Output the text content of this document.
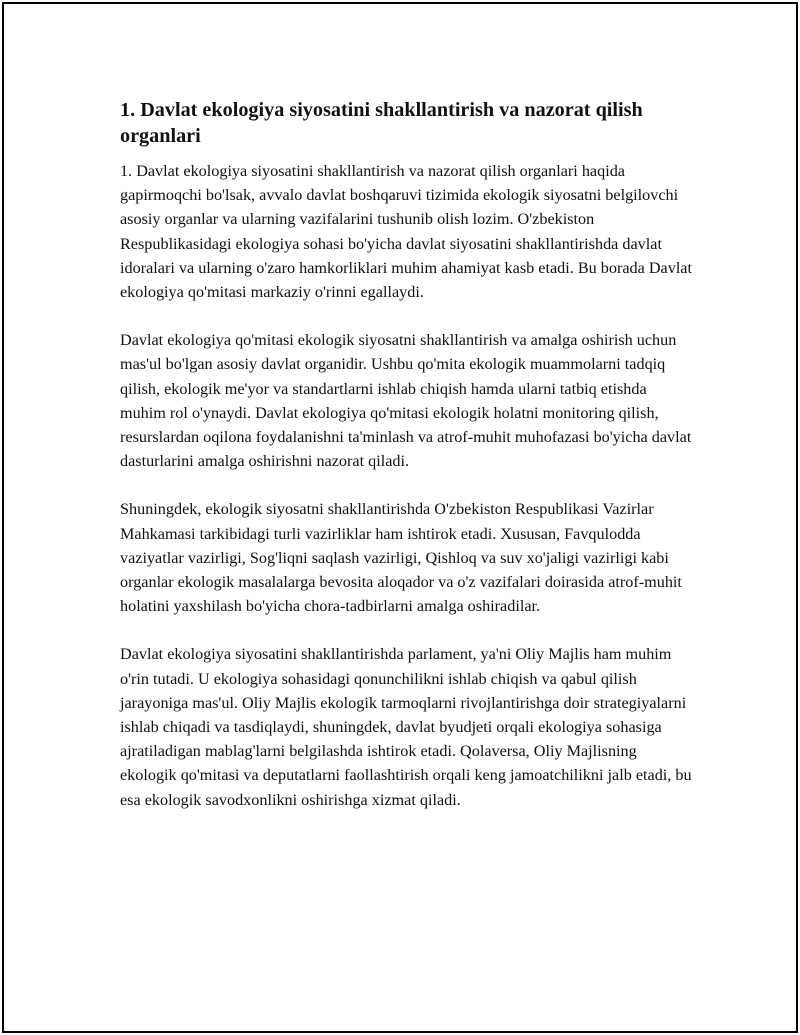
1. Davlat ekologiya siyosatini shakllantirish va nazorat qilish organlari

1. Davlat ekologiya siyosatini shakllantirish va nazorat qilish organlari haqida gapirmoqchi bo'lsak, avvalo davlat boshqaruvi tizimida ekologik siyosatni belgilovchi asosiy organlar va ularning vazifalarini tushunib olish lozim. O'zbekiston Respublikasidagi ekologiya sohasi bo'yicha davlat siyosatini shakllantirishda davlat idoralari va ularning o'zaro hamkorliklari muhim ahamiyat kasb etadi. Bu borada Davlat ekologiya qo'mitasi markaziy o'rinni egallaydi.

Davlat ekologiya qo'mitasi ekologik siyosatni shakllantirish va amalga oshirish uchun mas'ul bo'lgan asosiy davlat organidir. Ushbu qo'mita ekologik muammolarni tadqiq qilish, ekologik me'yor va standartlarni ishlab chiqish hamda ularni tatbiq etishda muhim rol o'ynaydi. Davlat ekologiya qo'mitasi ekologik holatni monitoring qilish, resurslardan oqilona foydalanishni ta'minlash va atrof-muhit muhofazasi bo'yicha davlat dasturlarini amalga oshirishni nazorat qiladi.

Shuningdek, ekologik siyosatni shakllantirishda O'zbekiston Respublikasi Vazirlar Mahkamasi tarkibidagi turli vazirliklar ham ishtirok etadi. Xususan, Favqulodda vaziyatlar vazirligi, Sog'liqni saqlash vazirligi, Qishloq va suv xo'jaligi vazirligi kabi organlar ekologik masalalarga bevosita aloqador va o'z vazifalari doirasida atrof-muhit holatini yaxshilash bo'yicha chora-tadbirlarni amalga oshiradilar.

Davlat ekologiya siyosatini shakllantirishda parlament, ya'ni Oliy Majlis ham muhim o'rin tutadi. U ekologiya sohasidagi qonunchilikni ishlab chiqish va qabul qilish jarayoniga mas'ul. Oliy Majlis ekologik tarmoqlarni rivojlantirishga doir strategiyalarni ishlab chiqadi va tasdiqlaydi, shuningdek, davlat byudjeti orqali ekologiya sohasiga ajratiladigan mablag'larni belgilashda ishtirok etadi. Qolaversa, Oliy Majlisning ekologik qo'mitasi va deputatlarni faollashtirish orqali keng jamoatchilikni jalb etadi, bu esa ekologik savodxonlikni oshirishga xizmat qiladi.
